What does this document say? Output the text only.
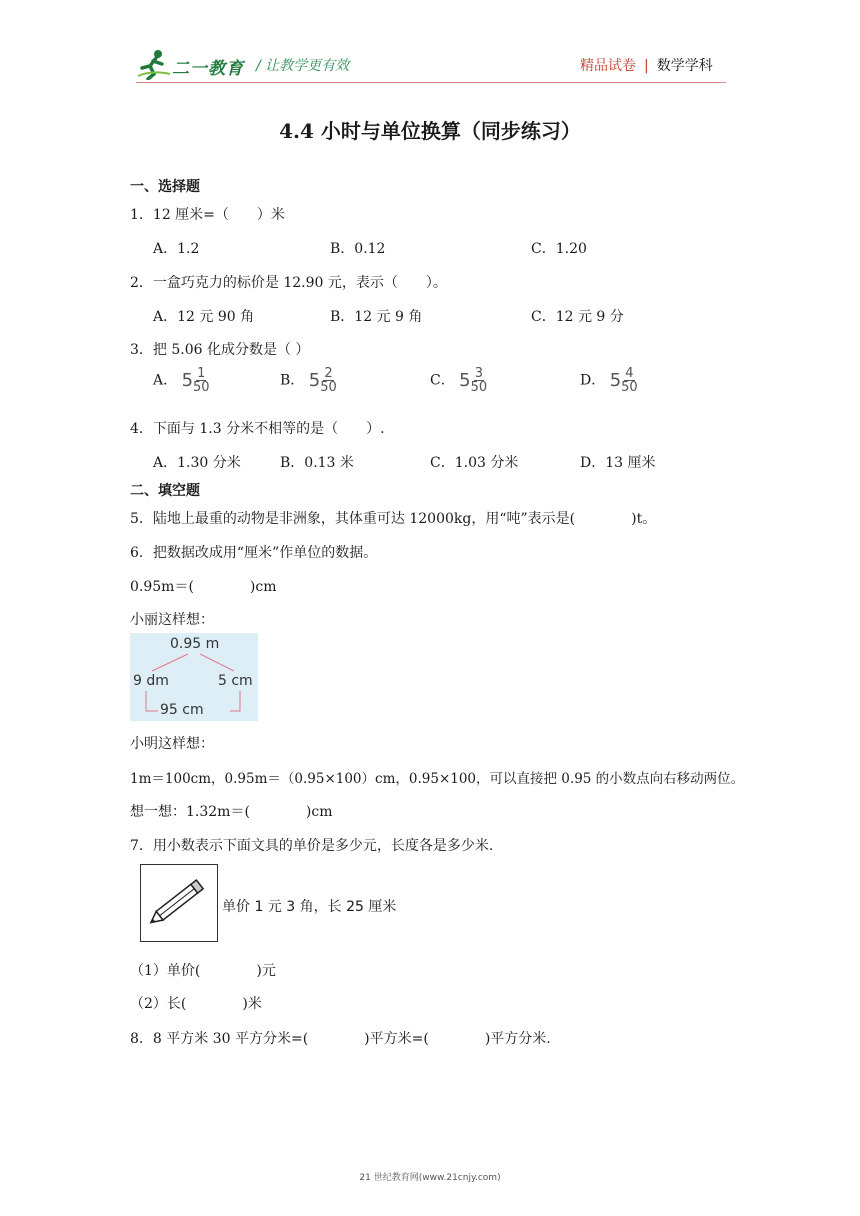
二一教育 / 让教学更有效	精品试卷 | 数学学科
4.4 小时与单位换算（同步练习）
一、选择题
1．12 厘米=（　　）米
A．1.2	B．0.12	C．1.20
2．一盒巧克力的标价是 12.90 元，表示（　　）。
A．12 元 90 角	B．12 元 9 角	C．12 元 9 分
3．把 5.06 化成分数是（ ）
A． $5 \frac{1}{50}$	B． $5 \frac{2}{50}$	C． $5 \frac{3}{50}$	D． $5 \frac{4}{50}$
4．下面与 1.3 分米不相等的是（　　）.
A．1.30 分米	B．0.13 米	C．1.03 分米	D．13 厘米
二、填空题
5．陆地上最重的动物是非洲象，其体重可达 12000kg，用“吨”表示是(　　　　)t。
6．把数据改成用“厘米”作单位的数据。
0.95m＝(　　　　)cm
小丽这样想：
0.95 m
9 dm	5 cm
95 cm
小明这样想：
1m＝100cm，0.95m＝（0.95×100）cm，0.95×100，可以直接把 0.95 的小数点向右移动两位。
想一想：1.32m＝(　　　　)cm
7．用小数表示下面文具的单价是多少元，长度各是多少米.
单价 1 元 3 角，长 25 厘米
（1）单价(　　　　)元
（2）长(　　　　)米
8．8 平方米 30 平方分米=(　　　　)平方米=(　　　　)平方分米.
21 世纪教育网(www.21cnjy.com)
